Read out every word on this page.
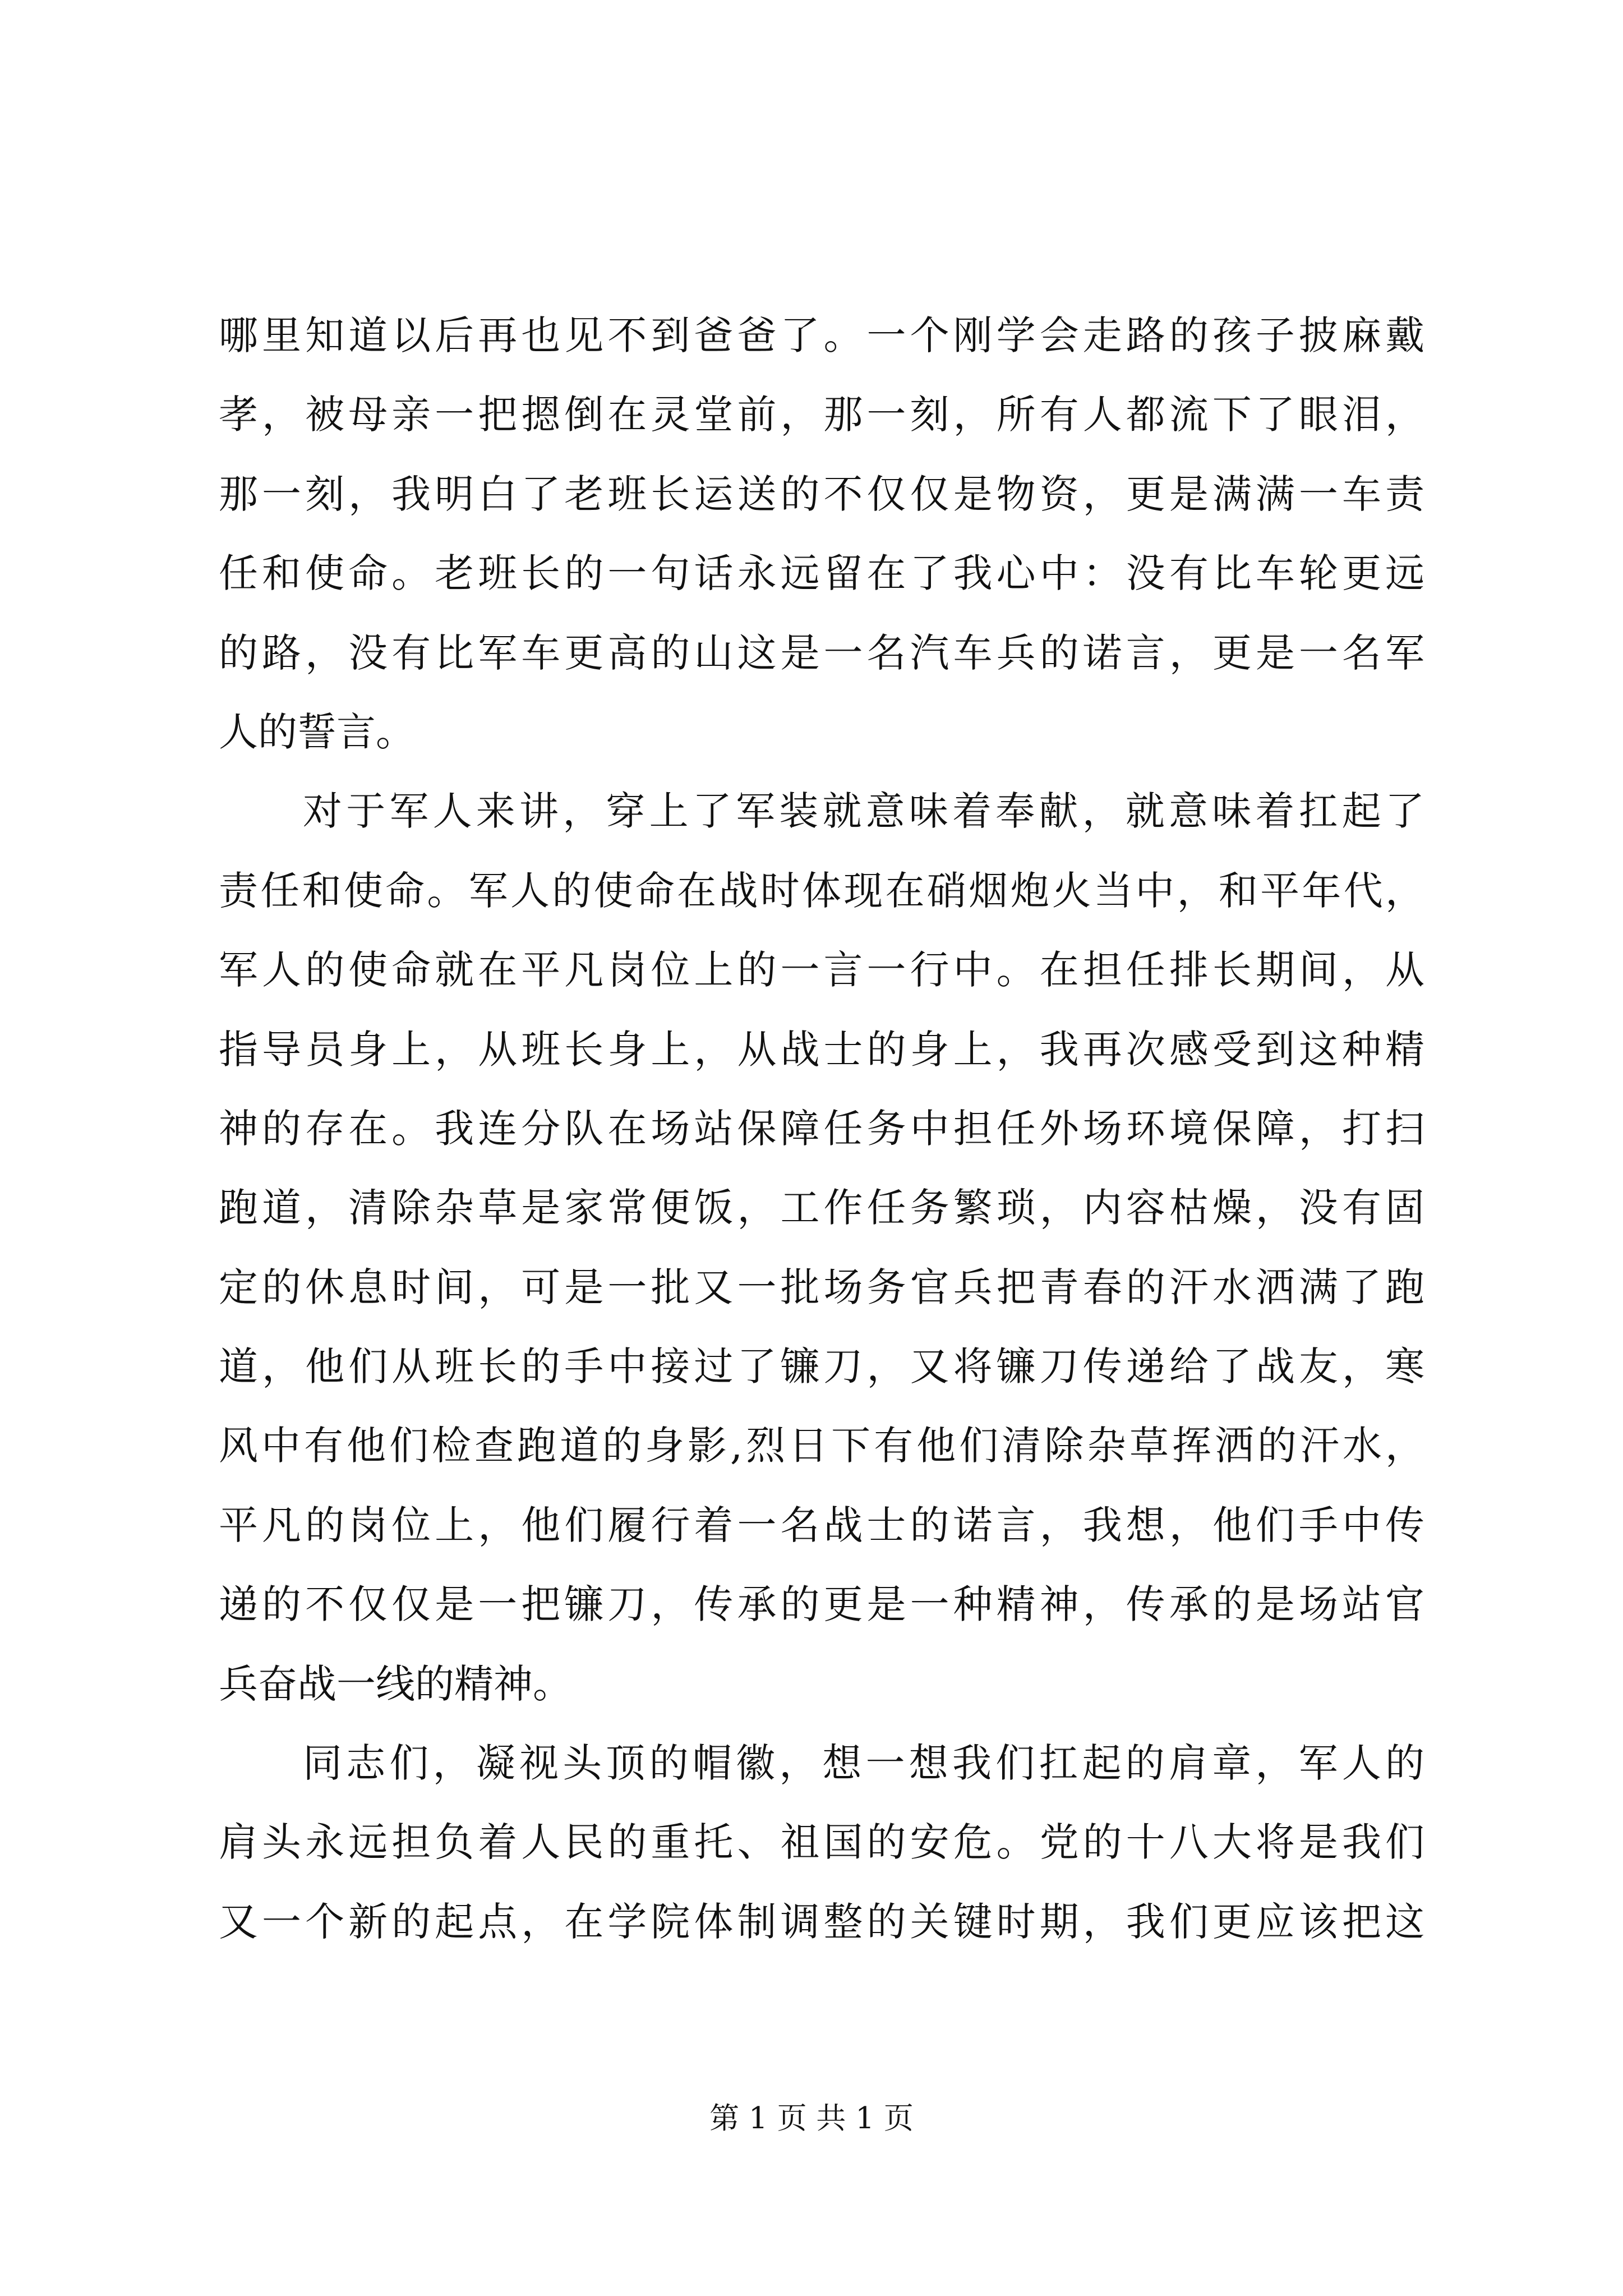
哪里知道以后再也见不到爸爸了。一个刚学会走路的孩子披麻戴
孝，被母亲一把摁倒在灵堂前，那一刻，所有人都流下了眼泪，
那一刻，我明白了老班长运送的不仅仅是物资，更是满满一车责
任和使命。老班长的一句话永远留在了我心中：没有比车轮更远
的路，没有比军车更高的山这是一名汽车兵的诺言，更是一名军
人的誓言。
对于军人来讲，穿上了军装就意味着奉献，就意味着扛起了
责任和使命。军人的使命在战时体现在硝烟炮火当中，和平年代，
军人的使命就在平凡岗位上的一言一行中。在担任排长期间，从
指导员身上，从班长身上，从战士的身上，我再次感受到这种精
神的存在。我连分队在场站保障任务中担任外场环境保障，打扫
跑道，清除杂草是家常便饭，工作任务繁琐，内容枯燥，没有固
定的休息时间，可是一批又一批场务官兵把青春的汗水洒满了跑
道，他们从班长的手中接过了镰刀，又将镰刀传递给了战友，寒
风中有他们检查跑道的身影,烈日下有他们清除杂草挥洒的汗水，
平凡的岗位上，他们履行着一名战士的诺言，我想，他们手中传
递的不仅仅是一把镰刀，传承的更是一种精神，传承的是场站官
兵奋战一线的精神。
同志们，凝视头顶的帽徽，想一想我们扛起的肩章，军人的
肩头永远担负着人民的重托、祖国的安危。党的十八大将是我们
又一个新的起点，在学院体制调整的关键时期，我们更应该把这
第 1 页 共 1 页
